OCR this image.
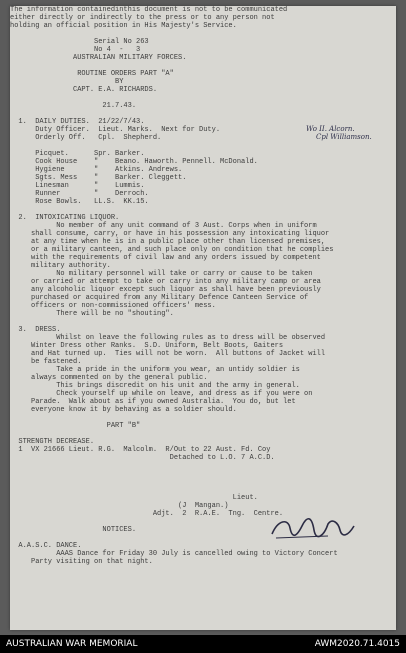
The information containedinthis document is not to be communicated
either directly or indirectly to the press or to any person not
holding an official position in His Majesty's Service.
Serial No 263
No 4  -   3
AUSTRALIAN MILITARY FORCES.
ROUTINE ORDERS PART "A"
BY
CAPT. E.A. RICHARDS.
21.7.43.
1.  DAILY DUTIES.  21/22/7/43.
Duty Officer.  Lieut. Marks.  Next for Duty.
Orderly Off.   Cpl.  Shepherd.
Picquet.      Spr. Barker.
Cook House    "    Beano. Haworth. Pennell. McDonald.
Hygiene       "    Atkins. Andrews.
Sgts. Mess    "    Barker. Cleggett.
Linesman      "    Lummis.
Runner        "    Derroch.
Rose Bowls.   LL.S.  KK.15.
2.  INTOXICATING LIQUOR.
No member of any unit command of 3 Aust. Corps when in uniform
shall consume, carry, or have in his possession any intoxicating liquor
at any time when he is in a public place other than licensed premises,
or a military canteen, and such place only on condition that he complies
with the requirements of civil law and any orders issued by competent
military authority.
No military personnel will take or carry or cause to be taken
or carried or attempt to take or carry into any military camp or area
any alcoholic liquor except such liquor as shall have been previously
purchased or acquired from any Military Defence Canteen Service of
officers or non-commissioned officers' mess.
There will be no "shouting".
3.  DRESS.
Whilst on leave the following rules as to dress will be observed
Winter Dress other Ranks.  S.D. Uniform, Belt Boots, Gaiters
and Hat turned up.  Ties will not be worn.  All buttons of Jacket will
be fastened.
Take a pride in the uniform you wear, an untidy soldier is
always commented on by the general public.
This brings discredit on his unit and the army in general.
Check yourself up while on leave, and dress as if you were on
Parade.  Walk about as if you owned Australia.  You do, but let
everyone know it by behaving as a soldier should.
PART "B"
STRENGTH DECREASE.
1  VX 21666 Lieut. R.G.  Malcolm.  R/Out to 22 Aust. Fd. Coy
Detached to L.O. 7 A.C.D.
Lieut.
(J  Mangan.)
Adjt.  2  R.A.E.  Tng.  Centre.
NOTICES.
A.A.S.C. DANCE.
AAAS Dance for Friday 30 July is cancelled owing to Victory Concert
Party visiting on that night.
Wo II. Alcorn.
Cpl Williamson.
AUSTRALIAN WAR MEMORIAL	AWM2020.71.4015
